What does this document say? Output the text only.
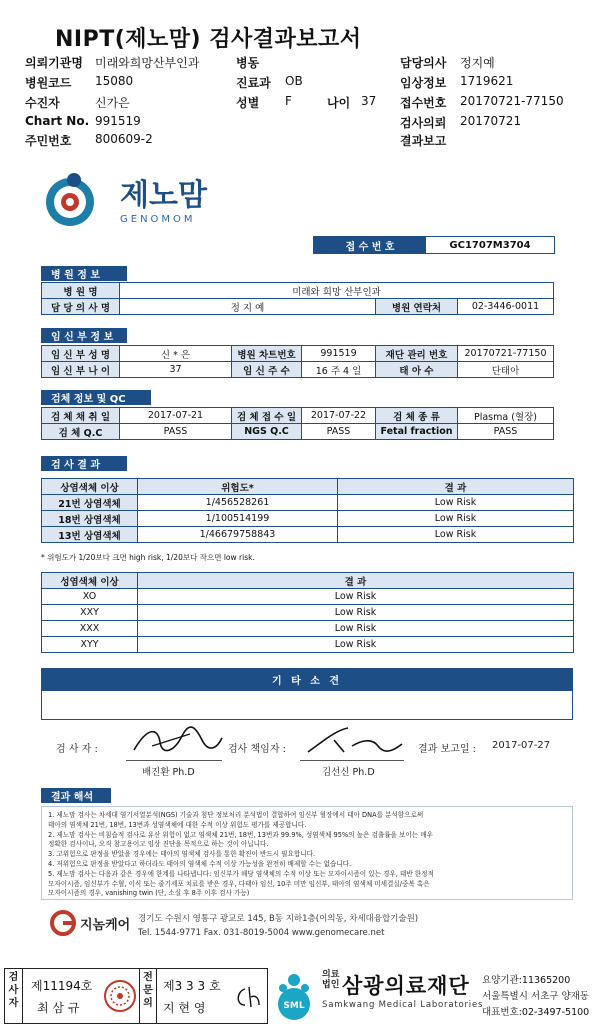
NIPT(제노맘) 검사결과보고서
의뢰기관명 미래와희망산부인과	병동	담당의사 정지예
병원코드 15080	진료과 OB	임상정보 1719621
수진자	신가은	성별 F	나이 37 접수번호 20170721-77150
Chart No. 991519	검사의뢰 20170721
주민번호 800609-2	결과보고
제노맘
GENOMOM
접 수 번 호	GC1707M3704
병 원 정 보
병 원 명	미래와 희망 산부인과		
담 당 의 사 명	정 지 예	병원 연락처	02-3446-0011
임 신 부 정 보
임 신 부 성 명	신 * 은	병원 차트번호	991519	재단 관리 번호	20170721-77150
임 신 부 나 이	37	임 신 주 수	16 주 4 일	태 아 수	단태아
검체 정보 및 QC
검 체 채 취 일	2017-07-21	검 체 접 수 일	2017-07-22	검 체 종 류	Plasma (혈장)
검 체 Q.C	PASS	NGS Q.C	PASS	Fetal fraction	PASS
검 사 결 과
상염색체 이상	위험도*	결 과
21번 상염색체	1/456528261	Low Risk
18번 상염색체	1/100514199	Low Risk
13번 상염색체	1/46679758843	Low Risk
* 위험도가 1/20보다 크면 high risk, 1/20보다 작으면 low risk.
성염색체 이상	결 과
XO	Low Risk
XXY	Low Risk
XXX	Low Risk
XYY	Low Risk
기 타 소 견
검 사 자 :
배진환 Ph.D
검사 책임자 :
김선신 Ph.D
결과 보고일 : 2017-07-27
결과 해석
1. 제노맘 검사는 차세대 염기서열분석(NGS) 기술과 첨단 정보처리 분석법이 결합하여 임신부 혈장에서 태아 DNA를 분석함으로써
태아의 염색체 21번, 18번, 13번과 성염색체에 대한 수적 이상 위험도 평가를 제공합니다.
2. 제노맘 검사는 비침습적 검사로 유산 위험이 없고 염색체 21번, 18번, 13번과 99.9%, 성염색체 95%의 높은 검출률을 보이는 매우
정확한 검사이나, 오직 참고용이고 임상 진단을 목적으로 하는 것이 아닙니다.
3. 고위험으로 판정을 받았을 경우에는 태아의 염색체 검사를 통한 확진이 반드시 필요합니다.
4. 저위험으로 판정을 받았다고 하더라도 태아의 염색체 수적 이상 가능성을 완전히 배제할 수는 없습니다.
5. 제노맘 검사는 다음과 같은 경우에 한계를 나타냅니다: 임신부가 해당 염색체의 수적 이상 또는 모자이시즘이 있는 경우, 태반 한정적
모자이시즘, 임신부가 수혈, 이식 또는 줄기세포 치료를 받은 경우, 다태아 임신, 10주 미만 임신부, 태아의 염색체 미세결실/중복 혹은
모자이시즘의 경우, vanishing twin (단, 소실 후 8주 이후 검사 가능)
지놈케어 경기도 수원시 영통구 광교로 145, B동 지하1층(이의동, 차세대융합기술원)
Tel. 1544-9771 Fax. 031-8019-5004 www.genomecare.net
검사자
제11194호
최 삼 규
전문의
제3 3 3 호
지 현 영	SML
의료법인 삼광의료재단
Samkwang Medical Laboratories
요양기관:11365200
서울특별시 서초구 양재동
대표번호:02-3497-5100
